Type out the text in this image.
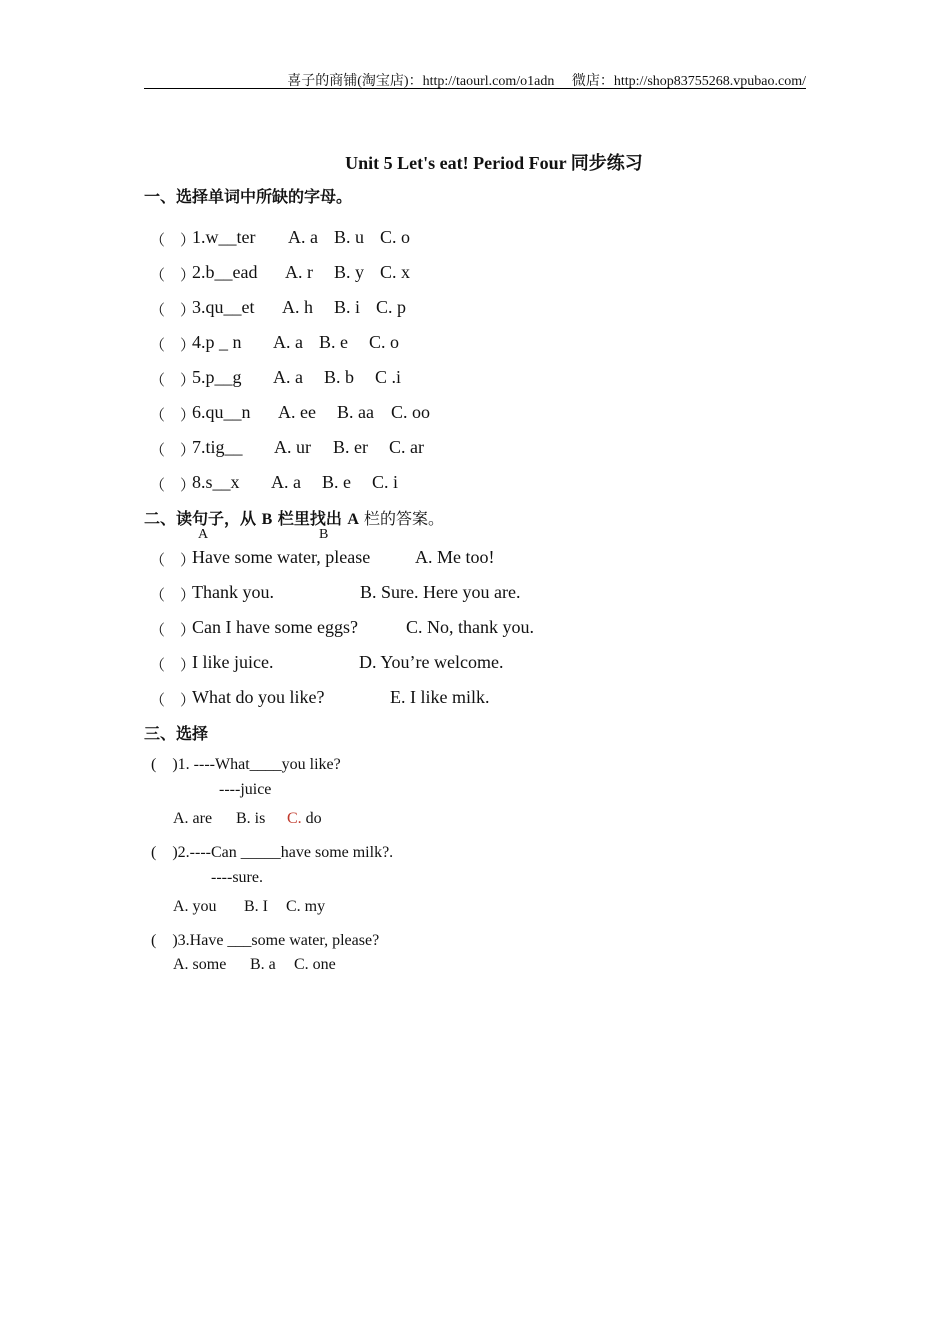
喜子的商铺(淘宝店)：http://taourl.com/o1adn　 微店：http://shop83755268.vpubao.com/
Unit 5 Let's eat! Period Four 同步练习
一、选择单词中所缺的字母。
（　）
1.w__ter A. a B. u C. o
（　）
2.b__ead A. r B. y C. x
（　）
3.qu__et A. h B. i C. p
（　）
4.p _ n A. a B. e C. o
（　）
5.p__g A. a B. b C .i
（　）
6.qu__n A. ee B. aa C. oo
（　）
7.tig__ A. ur B. er C. ar
（　）
8.s__x A. a B. e C. i
二、读句子，从 B 栏里找出 A 栏的答案。
A	B
（　）
Have some water, please A. Me too!
（　）
Thank you.	B. Sure. Here you are.
（　）
Can I have some eggs?	C. No, thank you.
（　）
I like juice.	D. You’re welcome.
（　）
What do you like?	E. I like milk.
三、选择
(　)1. ----What____you like?
----juice
A. are B. is C. do
(　)2.----Can _____have some milk?.
----sure.
A. you B. I C. my
(　)3.Have ___some water, please?
A. some B. a C. one
